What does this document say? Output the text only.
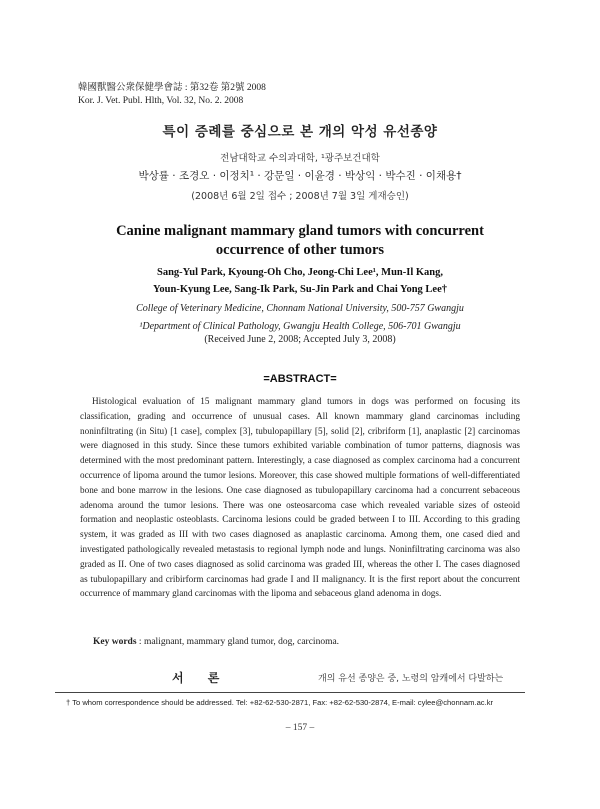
韓國獸醫公衆保健學會誌 : 第32卷 第2號 2008
Kor. J. Vet. Publ. Hlth, Vol. 32, No. 2. 2008
특이 증례를 중심으로 본 개의 악성 유선종양
전남대학교 수의과대학, ¹광주보건대학
박상률 · 조경오 · 이정치¹ · 강문일 · 이윤경 · 박상익 · 박수진 · 이채용†
(2008년 6월 2일 접수 ; 2008년 7월 3일 게재승인)
Canine malignant mammary gland tumors with concurrent
occurrence of other tumors
Sang-Yul Park, Kyoung-Oh Cho, Jeong-Chi Lee¹, Mun-Il Kang,
Youn-Kyung Lee, Sang-Ik Park, Su-Jin Park and Chai Yong Lee†
College of Veterinary Medicine, Chonnam National University, 500-757 Gwangju
¹Department of Clinical Pathology, Gwangju Health College, 506-701 Gwangju
(Received June 2, 2008; Accepted July 3, 2008)
=ABSTRACT=

Histological evaluation of 15 malignant mammary gland tumors in dogs was performed on focusing its classification, grading and occurrence of unusual cases. All known mammary gland carcinomas including noninfiltrating (in Situ) [1 case], complex [3], tubulopapillary [5], solid [2], cribriform [1], anaplastic [2] carcinomas were diagnosed in this study. Since these tumors exhibited variable combination of tumor patterns, diagnosis was determined with the most predominant pattern. Interestingly, a case diagnosed as complex carcinoma had a concurrent occurrence of lipoma around the tumor lesions. Moreover, this case showed multiple formations of well-differentiated bone and bone marrow in the lesions. One case diagnosed as tubulopapillary carcinoma had a concurrent sebaceous adenoma around the tumor lesions. There was one osteosarcoma case which revealed variable sizes of osteoid formation and neoplastic osteoblasts. Carcinoma lesions could be graded between I to III. According to this grading system, it was graded as III with two cases diagnosed as anaplastic carcinoma. Among them, one cased died and investigated pathologically revealed metastasis to regional lymph node and lungs. Noninfiltrating carcinoma was also graded as II. One of two cases diagnosed as solid carcinoma was graded III, whereas the other I. The cases diagnosed as tubulopapillary and cribirform carcinomas had grade I and II malignancy. It is the first report about the concurrent occurrence of mammary gland carcinomas with the lipoma and sebaceous gland adenoma in dogs.

Key words : malignant, mammary gland tumor, dog, carcinoma.
서 론	개의 유선 종양은 중, 노령의 암캐에서 다발하는
† To whom correspondence should be addressed. Tel: +82-62-530-2871, Fax: +82-62-530-2874, E-mail: cylee@chonnam.ac.kr
– 157 –
